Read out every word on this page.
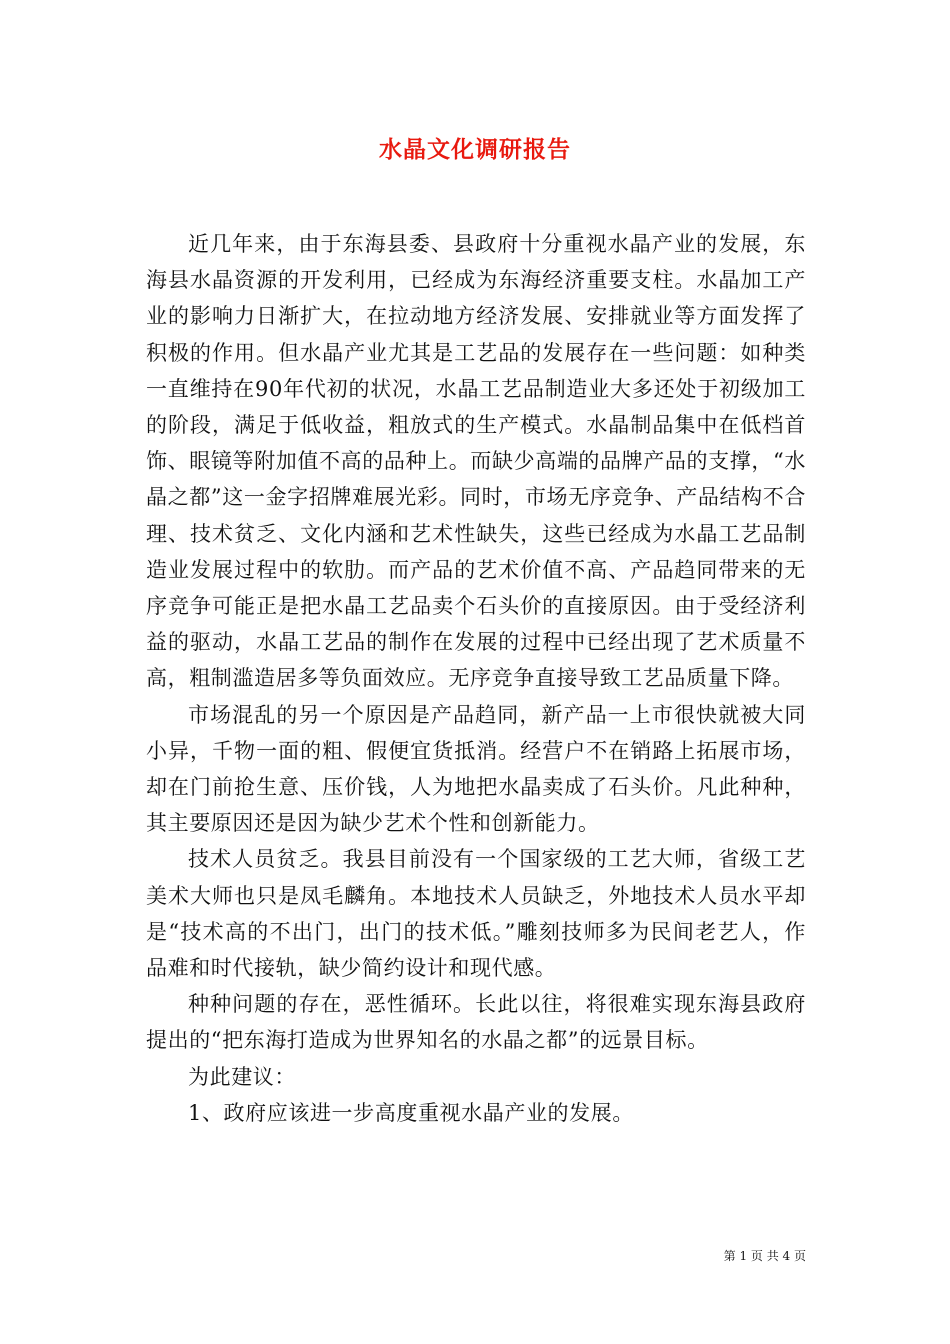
水晶文化调研报告

近几年来，由于东海县委、县政府十分重视水晶产业的发展，东海县水晶资源的开发利用，已经成为东海经济重要支柱。水晶加工产业的影响力日渐扩大，在拉动地方经济发展、安排就业等方面发挥了积极的作用。但水晶产业尤其是工艺品的发展存在一些问题：如种类一直维持在90年代初的状况，水晶工艺品制造业大多还处于初级加工的阶段，满足于低收益，粗放式的生产模式。水晶制品集中在低档首饰、眼镜等附加值不高的品种上。而缺少高端的品牌产品的支撑，“水晶之都”这一金字招牌难展光彩。同时，市场无序竞争、产品结构不合理、技术贫乏、文化内涵和艺术性缺失，这些已经成为水晶工艺品制造业发展过程中的软肋。而产品的艺术价值不高、产品趋同带来的无序竞争可能正是把水晶工艺品卖个石头价的直接原因。由于受经济利益的驱动，水晶工艺品的制作在发展的过程中已经出现了艺术质量不高，粗制滥造居多等负面效应。无序竞争直接导致工艺品质量下降。

市场混乱的另一个原因是产品趋同，新产品一上市很快就被大同小异，千物一面的粗、假便宜货抵消。经营户不在销路上拓展市场，却在门前抢生意、压价钱，人为地把水晶卖成了石头价。凡此种种，其主要原因还是因为缺少艺术个性和创新能力。

技术人员贫乏。我县目前没有一个国家级的工艺大师，省级工艺美术大师也只是凤毛麟角。本地技术人员缺乏，外地技术人员水平却是“技术高的不出门，出门的技术低。”雕刻技师多为民间老艺人，作品难和时代接轨，缺少简约设计和现代感。

种种问题的存在，恶性循环。长此以往，将很难实现东海县政府提出的“把东海打造成为世界知名的水晶之都”的远景目标。

为此建议：

1、政府应该进一步高度重视水晶产业的发展。

第 1 页 共 4 页
